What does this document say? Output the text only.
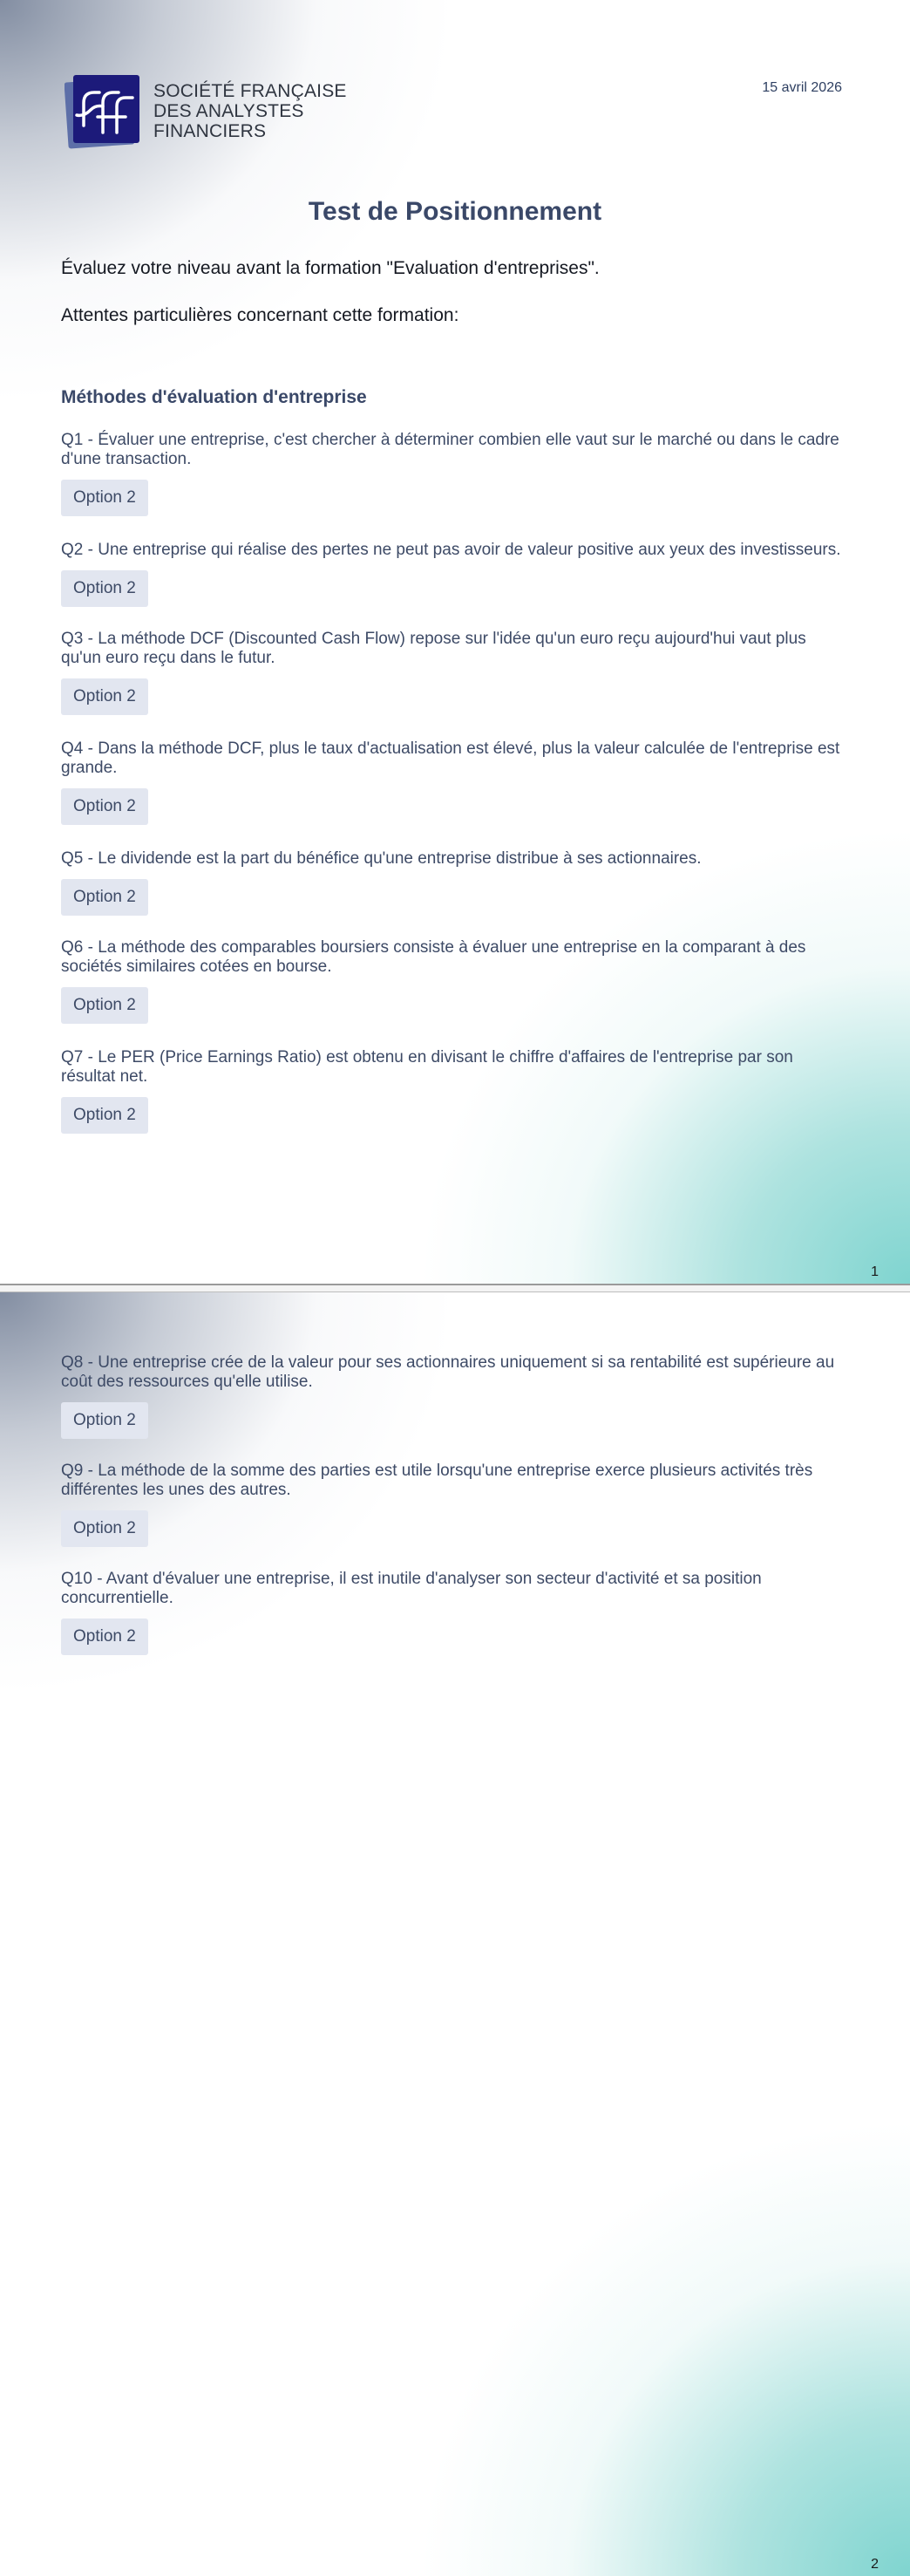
SOCIÉTÉ FRANÇAISE
DES ANALYSTES
FINANCIERS
15 avril 2026
Test de Positionnement

Évaluez votre niveau avant la formation "Evaluation d'entreprises".

Attentes particulières concernant cette formation:

Méthodes d'évaluation d'entreprise

Q1 - Évaluer une entreprise, c'est chercher à déterminer combien elle vaut sur le marché ou dans le cadre d'une transaction.

Option 2

Q2 - Une entreprise qui réalise des pertes ne peut pas avoir de valeur positive aux yeux des investisseurs.

Option 2

Q3 - La méthode DCF (Discounted Cash Flow) repose sur l'idée qu'un euro reçu aujourd'hui vaut plus qu'un euro reçu dans le futur.

Option 2

Q4 - Dans la méthode DCF, plus le taux d'actualisation est élevé, plus la valeur calculée de l'entreprise est grande.

Option 2

Q5 - Le dividende est la part du bénéfice qu'une entreprise distribue à ses actionnaires.

Option 2

Q6 - La méthode des comparables boursiers consiste à évaluer une entreprise en la comparant à des sociétés similaires cotées en bourse.

Option 2

Q7 - Le PER (Price Earnings Ratio) est obtenu en divisant le chiffre d'affaires de l'entreprise par son résultat net.

Option 2
1

Q8 - Une entreprise crée de la valeur pour ses actionnaires uniquement si sa rentabilité est supérieure au coût des ressources qu'elle utilise.

Option 2

Q9 - La méthode de la somme des parties est utile lorsqu'une entreprise exerce plusieurs activités très différentes les unes des autres.

Option 2

Q10 - Avant d'évaluer une entreprise, il est inutile d'analyser son secteur d'activité et sa position concurrentielle.

Option 2
2
